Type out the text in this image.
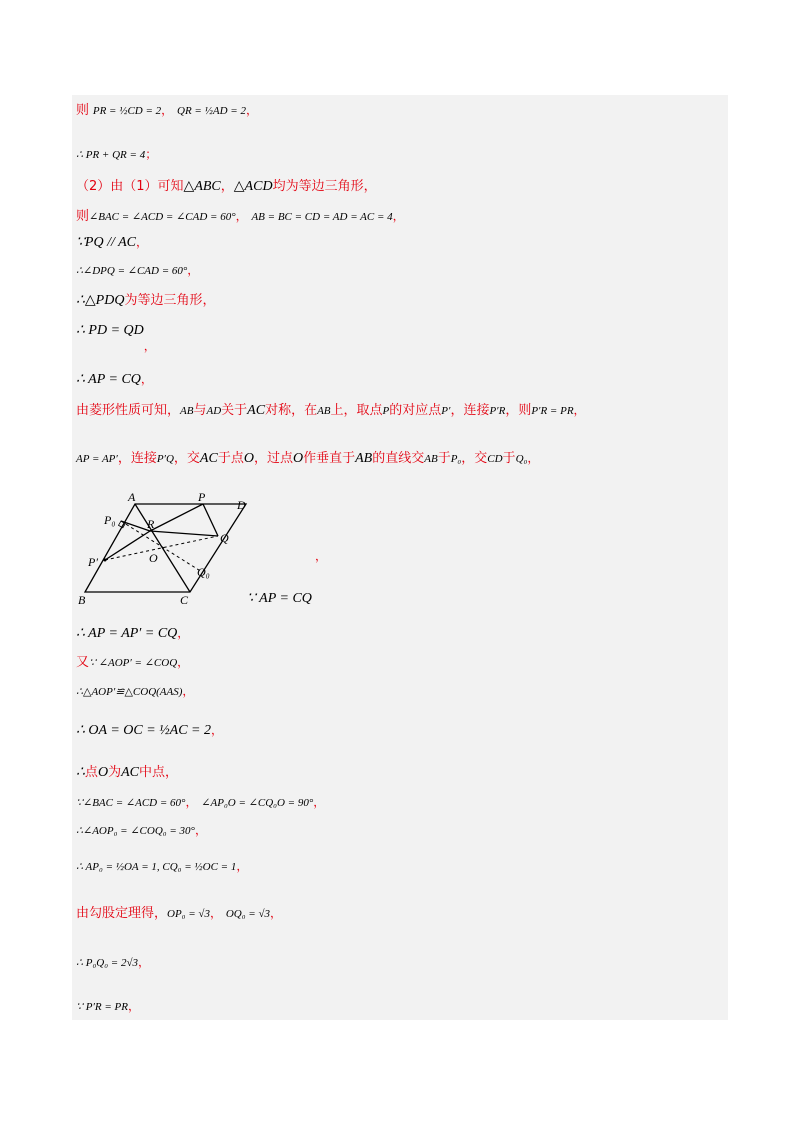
则 PR = ½CD = 2， QR = ½AD = 2，
∴ PR + QR = 4；
（2）由（1）可知△ABC，△ACD均为等边三角形，
则∠BAC = ∠ACD = ∠CAD = 60°， AB = BC = CD = AD = AC = 4，
∵PQ // AC，
∴∠DPQ = ∠CAD = 60°，
∴△PDQ为等边三角形，
∴ PD = QD，
∴ AP = CQ，
由菱形性质可知，AB与AD关于AC对称，在AB上，取点P的对应点P′，连接P′R，则P′R = PR，
AP = AP′，连接P′Q，交AC于点O，过点O作垂直于AB的直线交AB于P₀，交CD于Q₀，
A	P
D
P₀	R
Q
O
P′
Q₀
B	C
，
∵ AP = CQ
∴ AP = AP′ = CQ，
又∵ ∠AOP′ = ∠COQ，
∴△AOP′≌△COQ(AAS)，
∴ OA = OC = ½AC = 2，
∴点O为AC中点，
∵∠BAC = ∠ACD = 60°， ∠AP₀O = ∠CQ₀O = 90°，
∴∠AOP₀ = ∠COQ₀ = 30°，
∴ AP₀ = ½OA = 1, CQ₀ = ½OC = 1，
由勾股定理得，OP₀ = √3， OQ₀ = √3，
∴ P₀Q₀ = 2√3，
∵ P′R = PR，
